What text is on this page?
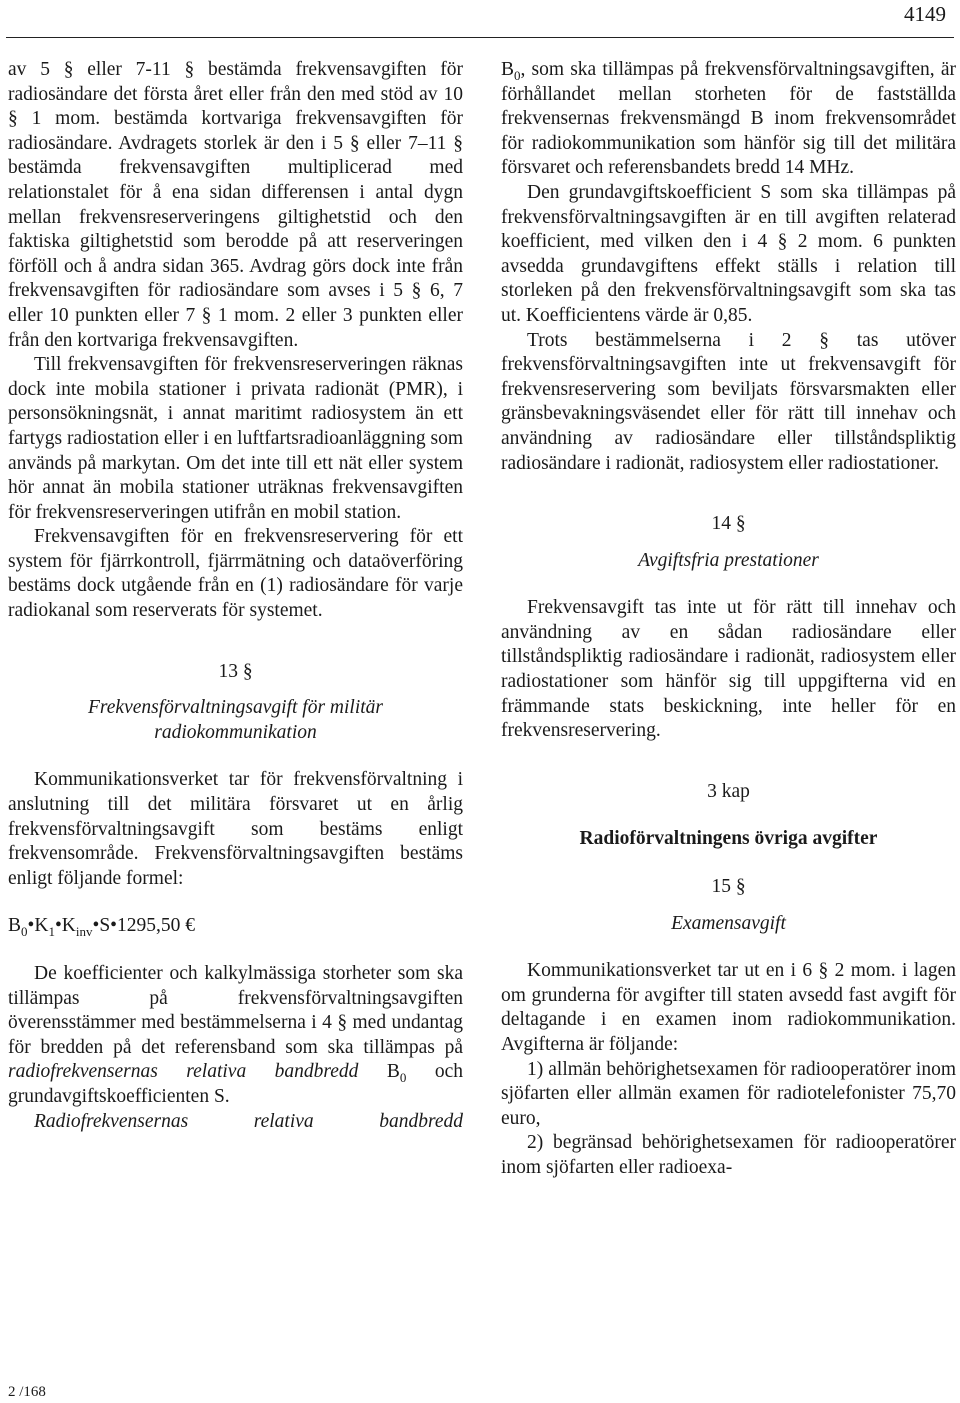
4149

av 5 § eller 7-11 § bestämda frekvensavgiften för radiosändare det första året eller från den med stöd av 10 § 1 mom. bestämda kortvariga frekvensavgiften för radiosändare. Avdragets storlek är den i 5 § eller 7–11 § bestämda frekvensavgiften multiplicerad med relationstalet för å ena sidan differensen i antal dygn mellan frekvensreserveringens giltighetstid och den faktiska giltighetstid som berodde på att reserveringen förföll och å andra sidan 365. Avdrag görs dock inte från frekvensavgiften för radiosändare som avses i 5 § 6, 7 eller 10 punkten eller 7 § 1 mom. 2 eller 3 punkten eller från den kortvariga frekvensavgiften.

Till frekvensavgiften för frekvensreserveringen räknas dock inte mobila stationer i privata radionät (PMR), i personsökningsnät, i annat maritimt radiosystem än ett fartygs radiostation eller i en luftfartsradioanläggning som används på markytan. Om det inte till ett nät eller system hör annat än mobila stationer uträknas frekvensavgiften för frekvensreserveringen utifrån en mobil station.

Frekvensavgiften för en frekvensreservering för ett system för fjärrkontroll, fjärrmätning och dataöverföring bestäms dock utgående från en (1) radiosändare för varje radiokanal som reserverats för systemet.

13 §

Frekvensförvaltningsavgift för militär
radiokommunikation

Kommunikationsverket tar för frekvensförvaltning i anslutning till det militära försvaret ut en årlig frekvensförvaltningsavgift som bestäms enligt frekvensområde. Frekvensförvaltningsavgiften bestäms enligt följande formel:

$B_0•K_1•K_{inv}•S•1295,50$ €

De koefficienter och kalkylmässiga storheter som ska tillämpas på frekvensförvaltningsavgiften överensstämmer med bestämmelserna i 4 § med undantag för bredden på det referensband som ska tillämpas på radiofrekvensernas relativa bandbredd $B_0$ och grundavgiftskoefficienten S.

Radiofrekvensernas relativa bandbredd

$B_0$, som ska tillämpas på frekvensförvaltningsavgiften, är förhållandet mellan storheten för de fastställda frekvensernas frekvensmängd B inom frekvensområdet för radiokommunikation som hänför sig till det militära försvaret och referensbandets bredd 14 MHz.

Den grundavgiftskoefficient S som ska tillämpas på frekvensförvaltningsavgiften är en till avgiften relaterad koefficient, med vilken den i 4 § 2 mom. 6 punkten avsedda grundavgiftens effekt ställs i relation till storleken på den frekvensförvaltningsavgift som ska tas ut. Koefficientens värde är 0,85.

Trots bestämmelserna i 2 § tas utöver frekvensförvaltningsavgiften inte ut frekvensavgift för frekvensreservering som beviljats försvarsmakten eller gränsbevakningsväsendet eller för rätt till innehav och användning av radiosändare eller tillståndspliktig radiosändare i radionät, radiosystem eller radiostationer.

14 §

Avgiftsfria prestationer

Frekvensavgift tas inte ut för rätt till innehav och användning av en sådan radiosändare eller tillståndspliktig radiosändare i radionät, radiosystem eller radiostationer som hänför sig till uppgifterna vid en främmande stats beskickning, inte heller för en frekvensreservering.

3 kap

Radioförvaltningens övriga avgifter

15 §

Examensavgift

Kommunikationsverket tar ut en i 6 § 2 mom. i lagen om grunderna för avgifter till staten avsedd fast avgift för deltagande i en examen inom radiokommunikation. Avgifterna är följande:

1) allmän behörighetsexamen för radiooperatörer inom sjöfarten eller allmän examen för radiotelefonister 75,70 euro,

2) begränsad behörighetsexamen för radiooperatörer inom sjöfarten eller radioexa-

2 /168
